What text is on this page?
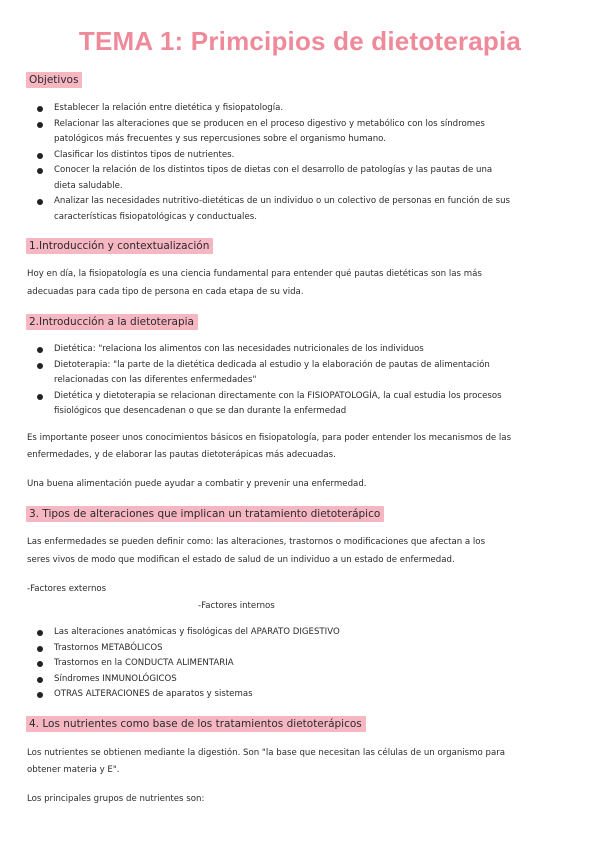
TEMA 1: Primcipios de dietoterapia
Objetivos
Establecer la relación entre dietética y fisiopatología.
Relacionar las alteraciones que se producen en el proceso digestivo y metabólico con los síndromes
patológicos más frecuentes y sus repercusiones sobre el organismo humano.
Clasificar los distintos tipos de nutrientes.
Conocer la relación de los distintos tipos de dietas con el desarrollo de patologías y las pautas de una
dieta saludable.
Analizar las necesidades nutritivo-dietéticas de un individuo o un colectivo de personas en función de sus
características fisiopatológicas y conductuales.
1.Introducción y contextualización
Hoy en día, la fisiopatología es una ciencia fundamental para entender qué pautas dietéticas son las más
adecuadas para cada tipo de persona en cada etapa de su vida.
2.Introducción a la dietoterapia
Dietética: "relaciona los alimentos con las necesidades nutricionales de los individuos
Dietoterapia: "la parte de la dietética dedicada al estudio y la elaboración de pautas de alimentación
relacionadas con las diferentes enfermedades"
Dietética y dietoterapia se relacionan directamente con la FISIOPATOLOGÍA, la cual estudia los procesos
fisiológicos que desencadenan o que se dan durante la enfermedad
Es importante poseer unos conocimientos básicos en fisiopatología, para poder entender los mecanismos de las
enfermedades, y de elaborar las pautas dietoterápicas más adecuadas.
Una buena alimentación puede ayudar a combatir y prevenir una enfermedad.
3. Tipos de alteraciones que implican un tratamiento dietoterápico
Las enfermedades se pueden definir como: las alteraciones, trastornos o modificaciones que afectan a los
seres vivos de modo que modifican el estado de salud de un individuo a un estado de enfermedad.
-Factores externos
-Factores internos
Las alteraciones anatómicas y fisológicas del APARATO DIGESTIVO
Trastornos METABÓLICOS
Trastornos en la CONDUCTA ALIMENTARIA
Síndromes INMUNOLÓGICOS
OTRAS ALTERACIONES de aparatos y sistemas
4. Los nutrientes como base de los tratamientos dietoterápicos
Los nutrientes se obtienen mediante la digestión. Son "la base que necesitan las células de un organismo para
obtener materia y E".
Los principales grupos de nutrientes son:
